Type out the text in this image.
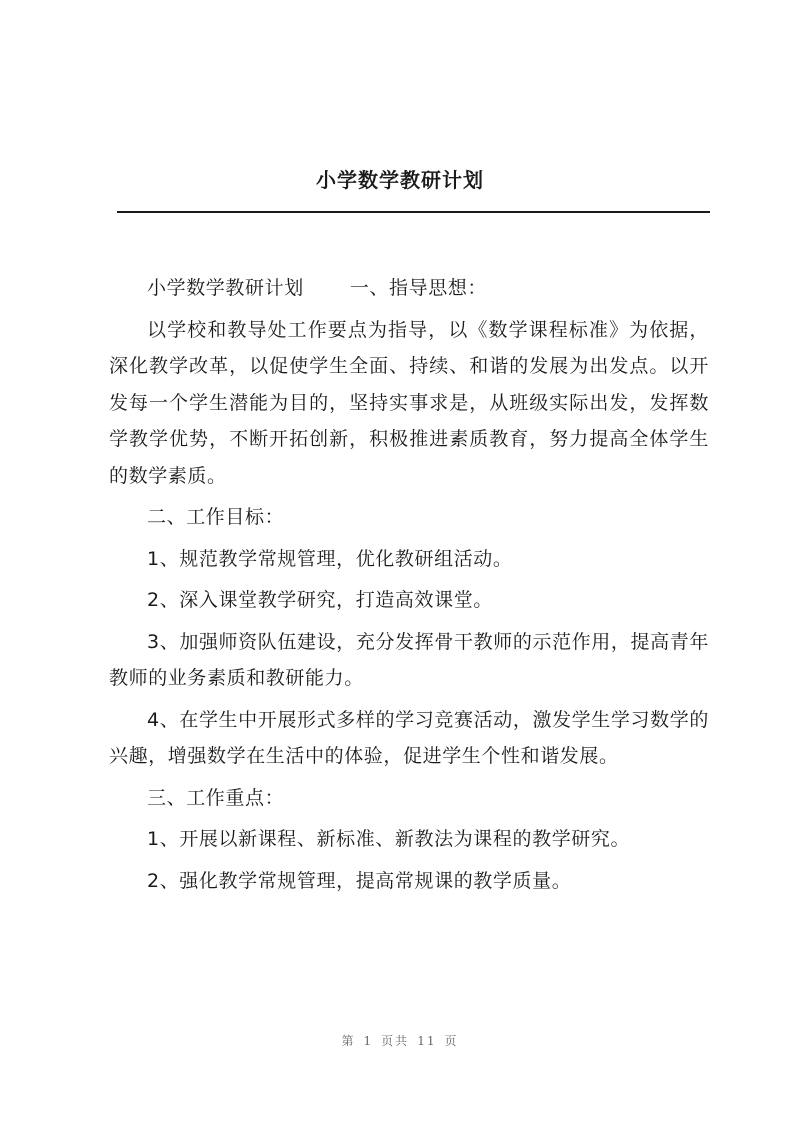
小学数学教研计划

小学数学教研计划 一、指导思想：

以学校和教导处工作要点为指导，以《数学课程标准》为依据，深化教学改革，以促使学生全面、持续、和谐的发展为出发点。以开发每一个学生潜能为目的，坚持实事求是，从班级实际出发，发挥数学教学优势，不断开拓创新，积极推进素质教育，努力提高全体学生的数学素质。

二、工作目标：

1、规范教学常规管理，优化教研组活动。

2、深入课堂教学研究，打造高效课堂。

3、加强师资队伍建设，充分发挥骨干教师的示范作用，提高青年教师的业务素质和教研能力。

4、在学生中开展形式多样的学习竞赛活动，激发学生学习数学的兴趣，增强数学在生活中的体验，促进学生个性和谐发展。

三、工作重点：

1、开展以新课程、新标准、新教法为课程的教学研究。

2、强化教学常规管理，提高常规课的教学质量。

第 1 页共 11 页
